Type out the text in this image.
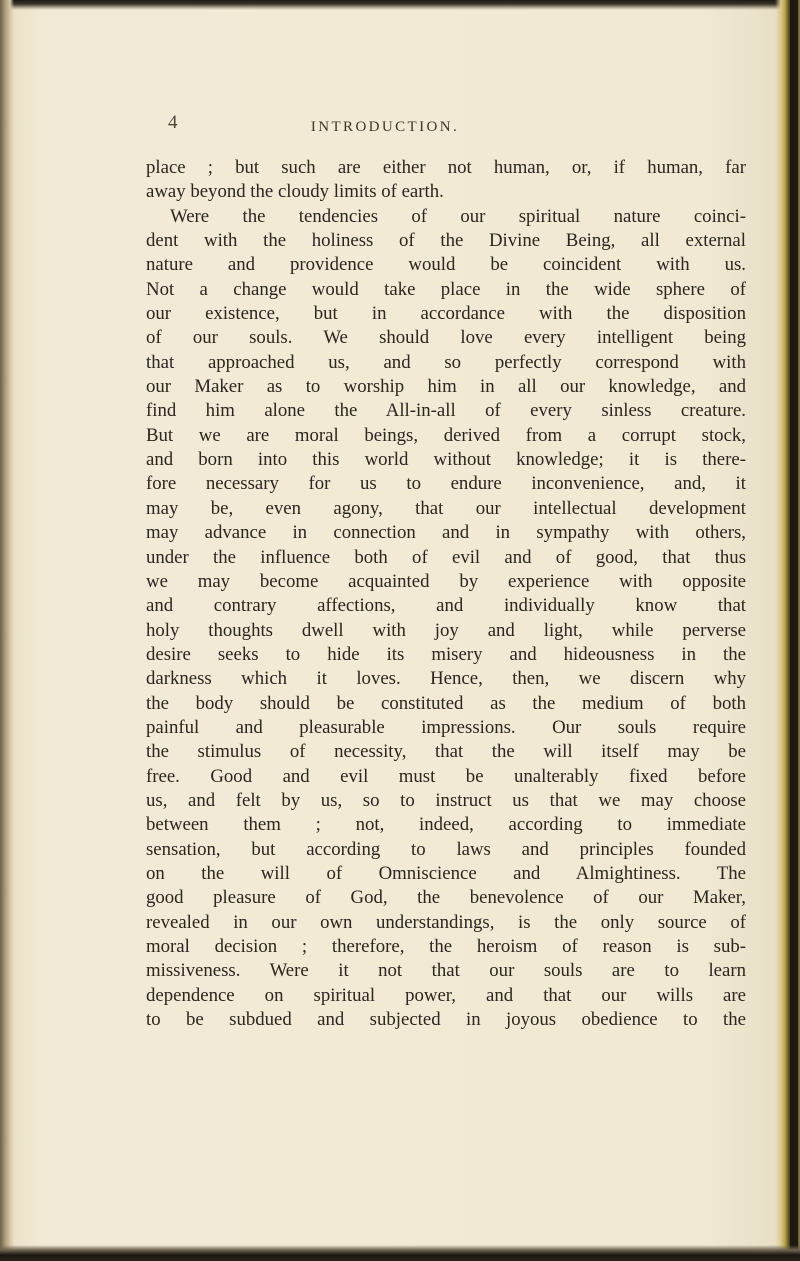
4	INTRODUCTION.
place ; but such are either not human, or, if human, far
away beyond the cloudy limits of earth.
Were the tendencies of our spiritual nature coinci-
dent with the holiness of the Divine Being, all external
nature and providence would be coincident with us.
Not a change would take place in the wide sphere of
our existence, but in accordance with the disposition
of our souls. We should love every intelligent being
that approached us, and so perfectly correspond with
our Maker as to worship him in all our knowledge, and
find him alone the All-in-all of every sinless creature.
But we are moral beings, derived from a corrupt stock,
and born into this world without knowledge; it is there-
fore necessary for us to endure inconvenience, and, it
may be, even agony, that our intellectual development
may advance in connection and in sympathy with others,
under the influence both of evil and of good, that thus
we may become acquainted by experience with opposite
and contrary affections, and individually know that
holy thoughts dwell with joy and light, while perverse
desire seeks to hide its misery and hideousness in the
darkness which it loves. Hence, then, we discern why
the body should be constituted as the medium of both
painful and pleasurable impressions. Our souls require
the stimulus of necessity, that the will itself may be
free. Good and evil must be unalterably fixed before
us, and felt by us, so to instruct us that we may choose
between them ; not, indeed, according to immediate
sensation, but according to laws and principles founded
on the will of Omniscience and Almightiness. The
good pleasure of God, the benevolence of our Maker,
revealed in our own understandings, is the only source of
moral decision ; therefore, the heroism of reason is sub-
missiveness. Were it not that our souls are to learn
dependence on spiritual power, and that our wills are
to be subdued and subjected in joyous obedience to the
